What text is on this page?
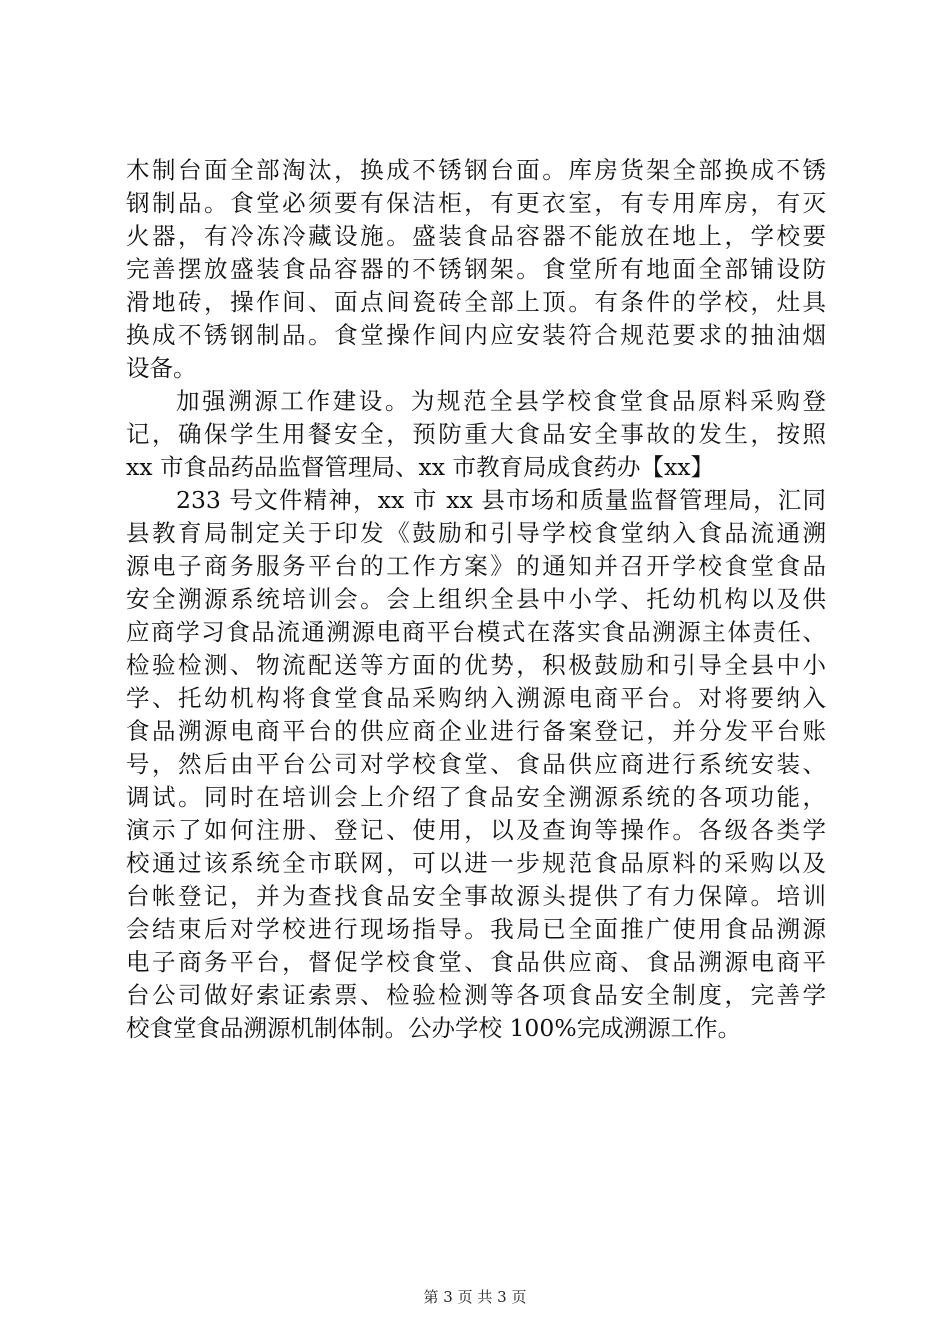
木制台面全部淘汰，换成不锈钢台面。库房货架全部换成不锈
钢制品。食堂必须要有保洁柜，有更衣室，有专用库房，有灭
火器，有冷冻冷藏设施。盛装食品容器不能放在地上，学校要
完善摆放盛装食品容器的不锈钢架。食堂所有地面全部铺设防
滑地砖，操作间、面点间瓷砖全部上顶。有条件的学校，灶具
换成不锈钢制品。食堂操作间内应安装符合规范要求的抽油烟
设备。
加强溯源工作建设。为规范全县学校食堂食品原料采购登
记，确保学生用餐安全，预防重大食品安全事故的发生，按照
xx 市食品药品监督管理局、xx 市教育局成食药办【xx】
233 号文件精神，xx 市 xx 县市场和质量监督管理局，汇同
县教育局制定关于印发《鼓励和引导学校食堂纳入食品流通溯
源电子商务服务平台的工作方案》的通知并召开学校食堂食品
安全溯源系统培训会。会上组织全县中小学、托幼机构以及供
应商学习食品流通溯源电商平台模式在落实食品溯源主体责任、
检验检测、物流配送等方面的优势，积极鼓励和引导全县中小
学、托幼机构将食堂食品采购纳入溯源电商平台。对将要纳入
食品溯源电商平台的供应商企业进行备案登记，并分发平台账
号，然后由平台公司对学校食堂、食品供应商进行系统安装、
调试。同时在培训会上介绍了食品安全溯源系统的各项功能，
演示了如何注册、登记、使用，以及查询等操作。各级各类学
校通过该系统全市联网，可以进一步规范食品原料的采购以及
台帐登记，并为查找食品安全事故源头提供了有力保障。培训
会结束后对学校进行现场指导。我局已全面推广使用食品溯源
电子商务平台，督促学校食堂、食品供应商、食品溯源电商平
台公司做好索证索票、检验检测等各项食品安全制度，完善学
校食堂食品溯源机制体制。公办学校 100%完成溯源工作。
第 3 页 共 3 页
